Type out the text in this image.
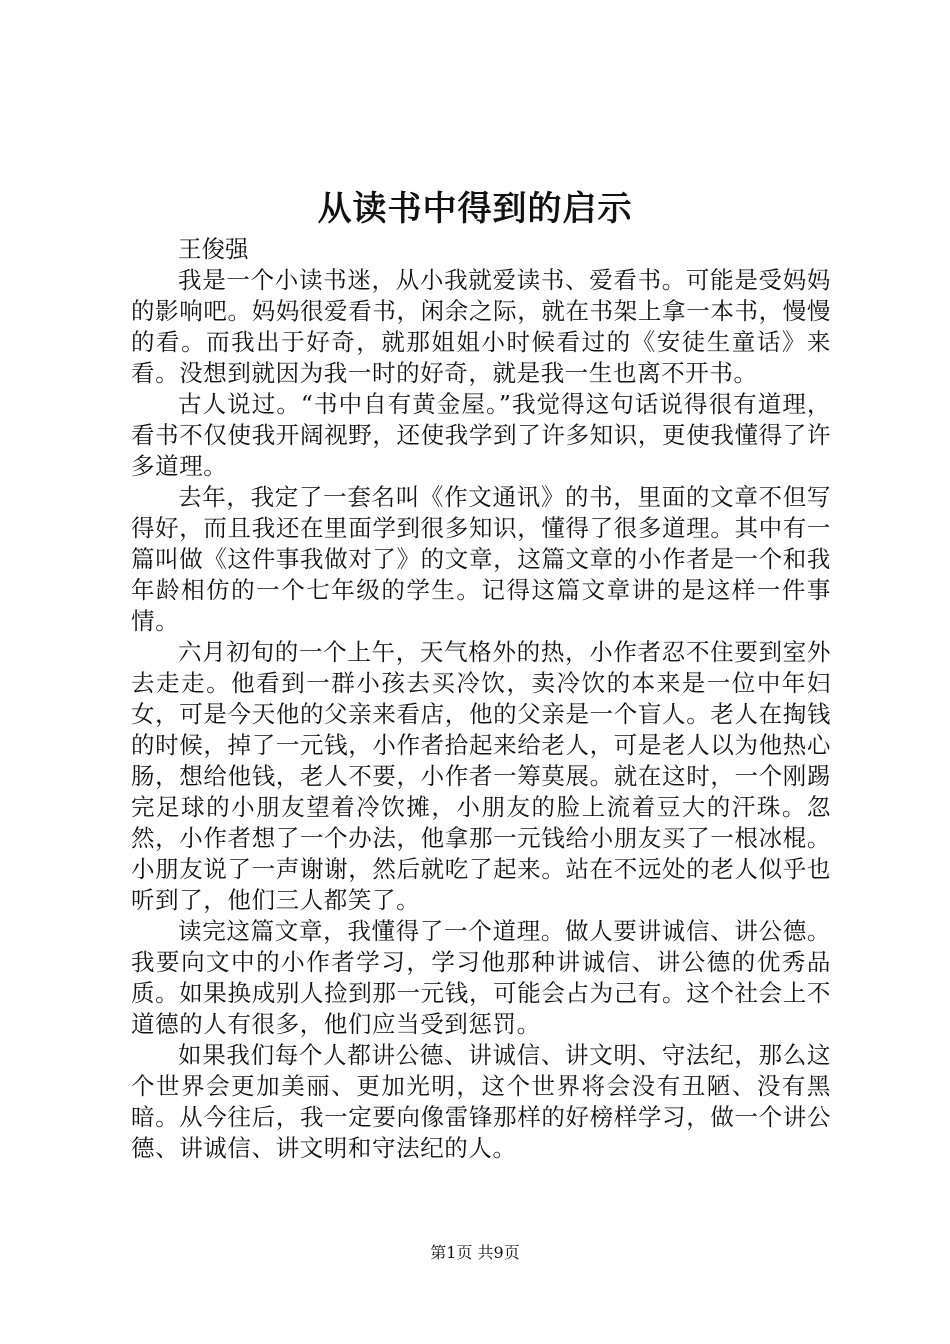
从读书中得到的启示

王俊强

我是一个小读书迷，从小我就爱读书、爱看书。可能是受妈妈的影响吧。妈妈很爱看书，闲余之际，就在书架上拿一本书，慢慢的看。而我出于好奇，就那姐姐小时候看过的《安徒生童话》来看。没想到就因为我一时的好奇，就是我一生也离不开书。

古人说过。“书中自有黄金屋。”我觉得这句话说得很有道理，看书不仅使我开阔视野，还使我学到了许多知识，更使我懂得了许多道理。

去年，我定了一套名叫《作文通讯》的书，里面的文章不但写得好，而且我还在里面学到很多知识，懂得了很多道理。其中有一篇叫做《这件事我做对了》的文章，这篇文章的小作者是一个和我年龄相仿的一个七年级的学生。记得这篇文章讲的是这样一件事情。

六月初旬的一个上午，天气格外的热，小作者忍不住要到室外去走走。他看到一群小孩去买冷饮，卖冷饮的本来是一位中年妇女，可是今天他的父亲来看店，他的父亲是一个盲人。老人在掏钱的时候，掉了一元钱，小作者拾起来给老人，可是老人以为他热心肠，想给他钱，老人不要，小作者一筹莫展。就在这时，一个刚踢完足球的小朋友望着冷饮摊，小朋友的脸上流着豆大的汗珠。忽然，小作者想了一个办法，他拿那一元钱给小朋友买了一根冰棍。小朋友说了一声谢谢，然后就吃了起来。站在不远处的老人似乎也听到了，他们三人都笑了。

读完这篇文章，我懂得了一个道理。做人要讲诚信、讲公德。我要向文中的小作者学习，学习他那种讲诚信、讲公德的优秀品质。如果换成别人捡到那一元钱，可能会占为己有。这个社会上不道德的人有很多，他们应当受到惩罚。

如果我们每个人都讲公德、讲诚信、讲文明、守法纪，那么这个世界会更加美丽、更加光明，这个世界将会没有丑陋、没有黑暗。从今往后，我一定要向像雷锋那样的好榜样学习，做一个讲公德、讲诚信、讲文明和守法纪的人。

第1页 共9页
